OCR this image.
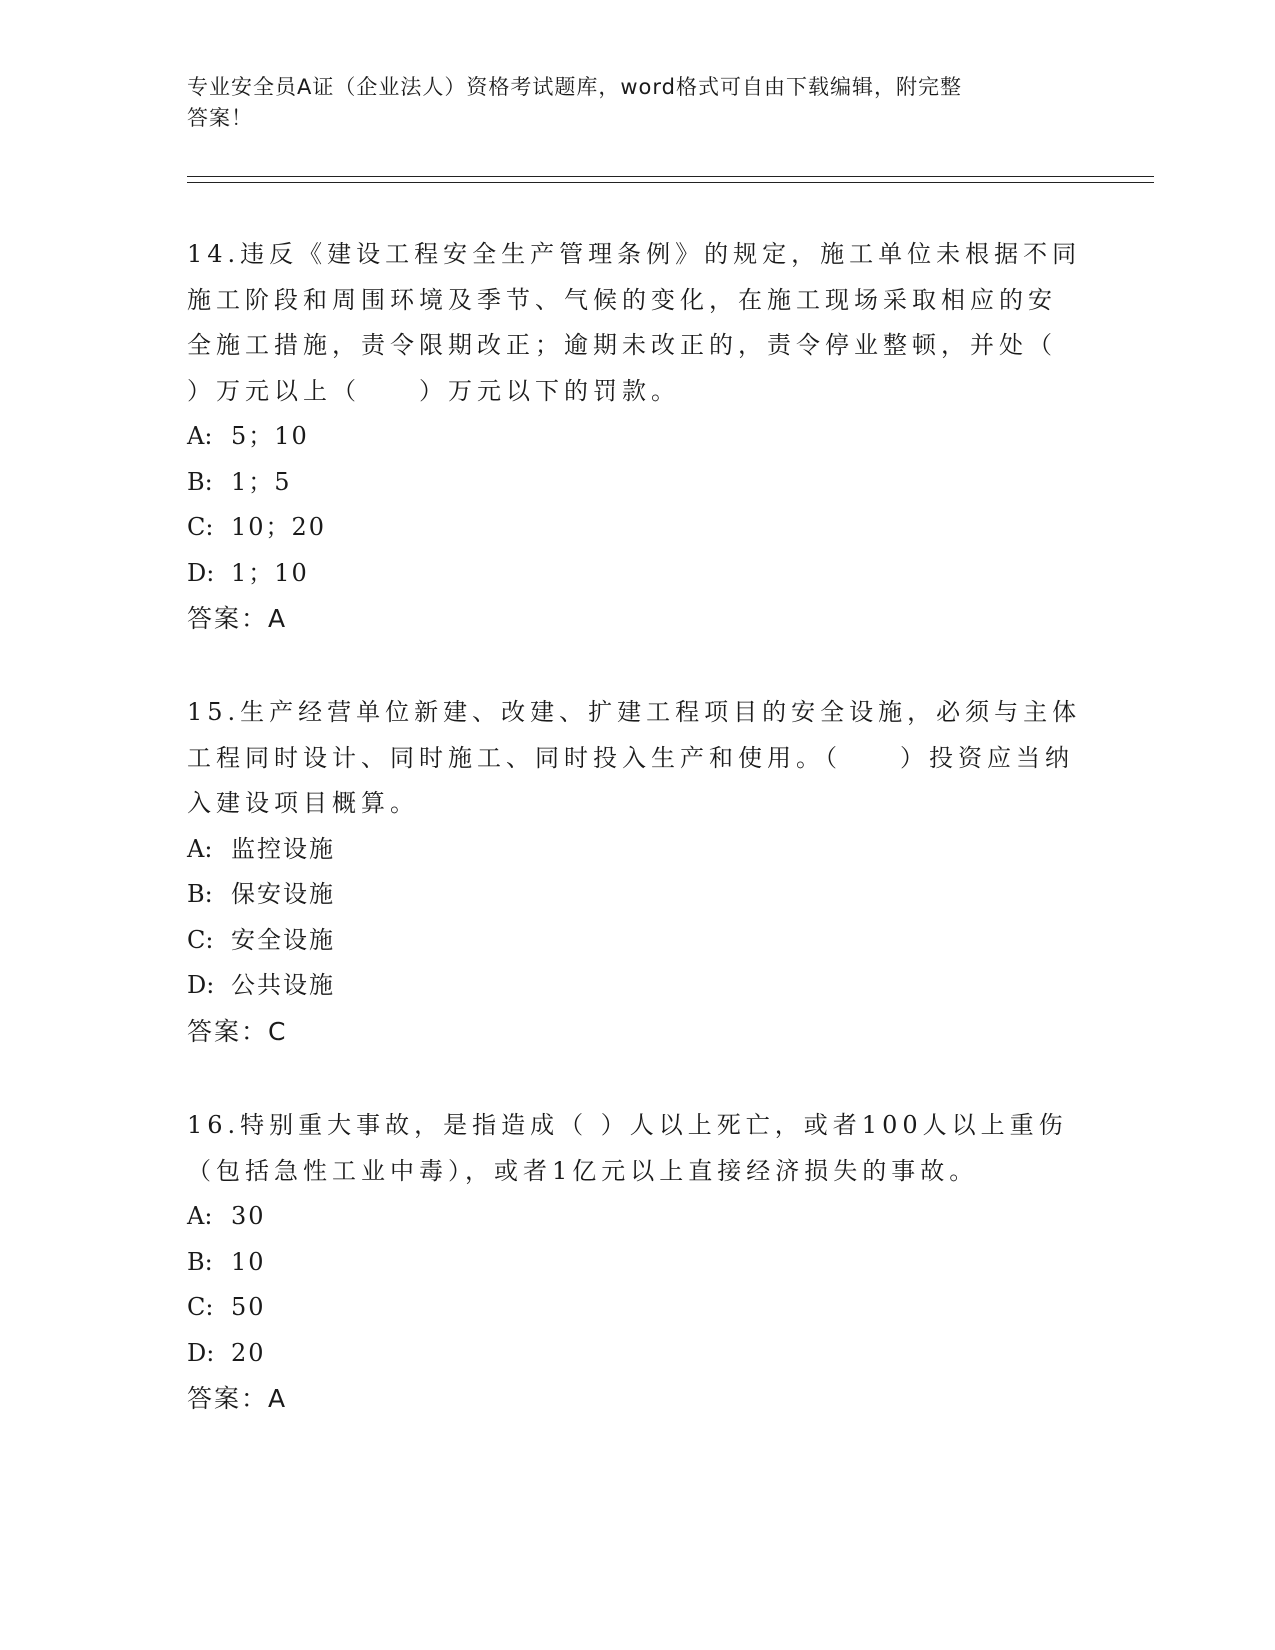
专业安全员A证（企业法人）资格考试题库，word格式可自由下载编辑，附完整
答案！

14.违反《建设工程安全生产管理条例》的规定，施工单位未根据不同
施工阶段和周围环境及季节、气候的变化，在施工现场采取相应的安
全施工措施，责令限期改正；逾期未改正的，责令停业整顿，并处（
）万元以上（　　）万元以下的罚款。

A: 5；10
B: 1；5
C: 10；20
D: 1；10
答案：A

15.生产经营单位新建、改建、扩建工程项目的安全设施，必须与主体
工程同时设计、同时施工、同时投入生产和使用。（　　）投资应当纳
入建设项目概算。

A: 监控设施
B: 保安设施
C: 安全设施
D: 公共设施
答案：C

16.特别重大事故，是指造成（ ）人以上死亡，或者100人以上重伤
（包括急性工业中毒），或者1亿元以上直接经济损失的事故。

A: 30
B: 10
C: 50
D: 20
答案：A
